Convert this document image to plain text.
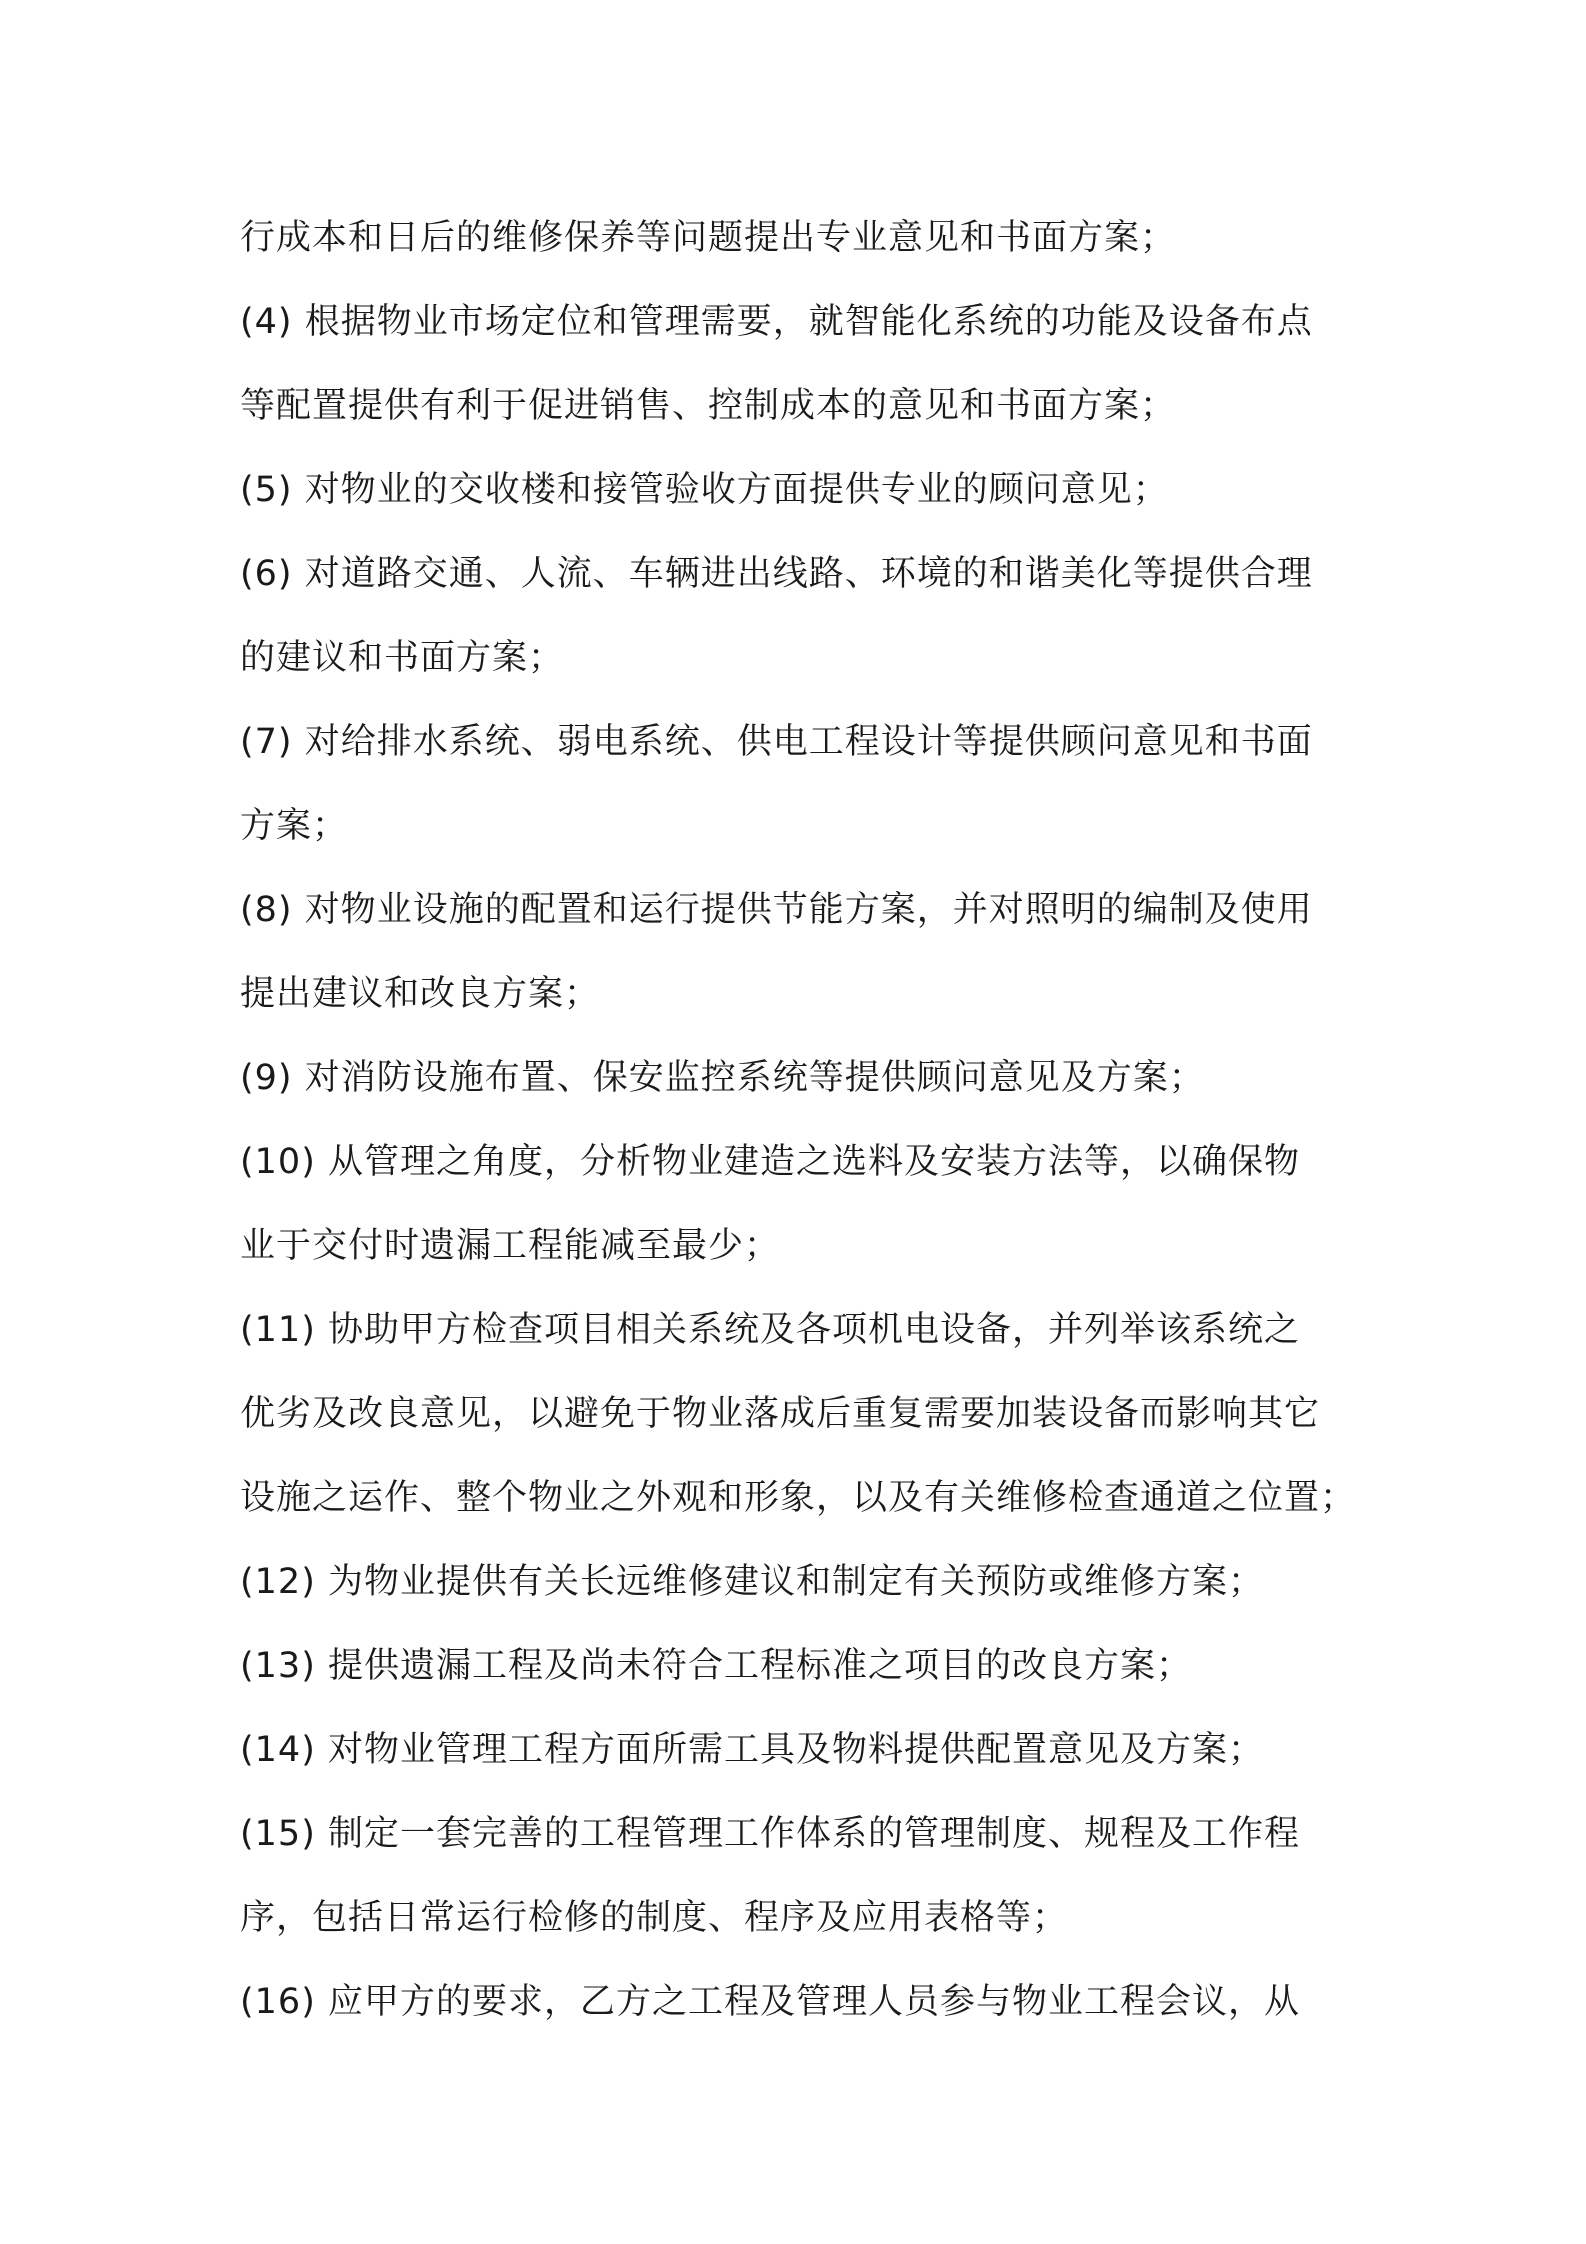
行成本和日后的维修保养等问题提出专业意见和书面方案；
(4) 根据物业市场定位和管理需要，就智能化系统的功能及设备布点
等配置提供有利于促进销售、控制成本的意见和书面方案；
(5) 对物业的交收楼和接管验收方面提供专业的顾问意见；
(6) 对道路交通、人流、车辆进出线路、环境的和谐美化等提供合理
的建议和书面方案；
(7) 对给排水系统、弱电系统、供电工程设计等提供顾问意见和书面
方案；
(8) 对物业设施的配置和运行提供节能方案，并对照明的编制及使用
提出建议和改良方案；
(9) 对消防设施布置、保安监控系统等提供顾问意见及方案；
(10) 从管理之角度，分析物业建造之选料及安装方法等，以确保物
业于交付时遗漏工程能减至最少；
(11) 协助甲方检查项目相关系统及各项机电设备，并列举该系统之
优劣及改良意见，以避免于物业落成后重复需要加装设备而影响其它
设施之运作、整个物业之外观和形象，以及有关维修检查通道之位置；
(12) 为物业提供有关长远维修建议和制定有关预防或维修方案；
(13) 提供遗漏工程及尚未符合工程标准之项目的改良方案；
(14) 对物业管理工程方面所需工具及物料提供配置意见及方案；
(15) 制定一套完善的工程管理工作体系的管理制度、规程及工作程
序，包括日常运行检修的制度、程序及应用表格等；
(16) 应甲方的要求，乙方之工程及管理人员参与物业工程会议，从
